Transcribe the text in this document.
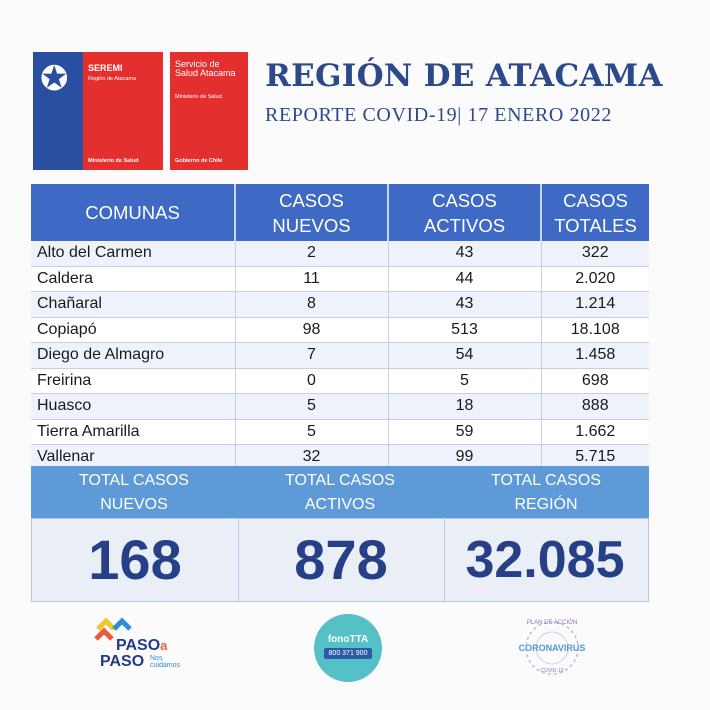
✪ SEREMI
Región de Atacama
Ministerio de Salud
Servicio de Salud Atacama
Ministerio de Salud
Gobierno de Chile
REGIÓN DE ATACAMA
REPORTE COVID-19| 17 ENERO 2022
COMUNAS	CASOS NUEVOS	CASOS ACTIVOS	CASOS TOTALES
Alto del Carmen	2	43	322
Caldera	11	44	2.020
Chañaral	8	43	1.214
Copiapó	98	513	18.108
Diego de Almagro	7	54	1.458
Freirina	0	5	698
Huasco	5	18	888
Tierra Amarilla	5	59	1.662
Vallenar	32	99	5.715
TOTAL CASOS NUEVOS
TOTAL CASOS ACTIVOS
TOTAL CASOS REGIÓN
168	878	32.085
PASOa
PASO Nos cuidamos
fonoTTA
800 371 900
PLAN DE ACCIÓN
CORONAVIRUS
COVID-19
